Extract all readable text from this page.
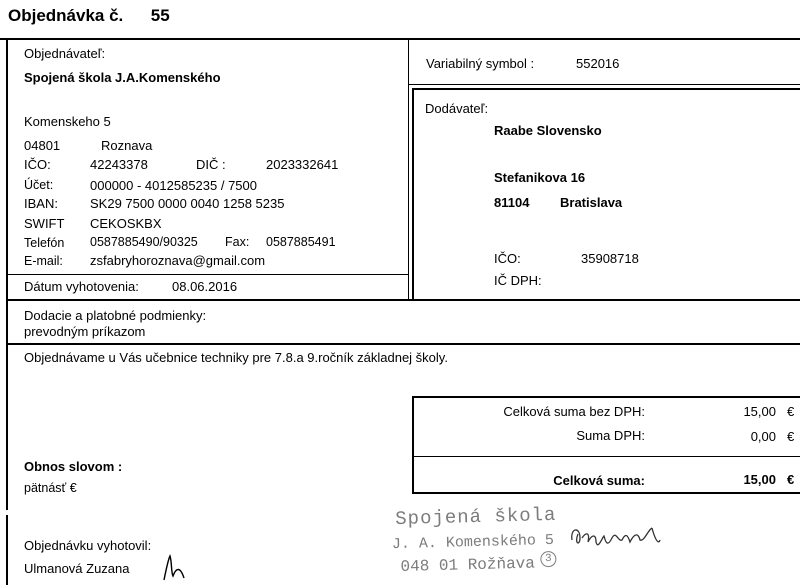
Objednávka č. 55
Objednávateľ:
Spojená škola J.A.Komenského
Komenskeho 5
04801	Roznava
IČO:	42243378	DIČ :	2023332641
Účet:	000000 - 4012585235 / 7500
IBAN: SK29 7500 0000 0040 1258 5235
SWIFT CEKOSKBX
Telefón 0587885490/90325 Fax: 0587885491
E-mail: zsfabryhoroznava@gmail.com
Dátum vyhotovenia:	08.06.2016
Variabilný symbol :	552016
Dodávateľ:
Raabe Slovensko
Stefanikova 16
81104 Bratislava
IČO:	35908718
IČ DPH:
Dodacie a platobné podmienky:
prevodným príkazom
Objednávame u Vás učebnice techniky pre 7.8.a 9.ročník základnej školy.
Celková suma bez DPH:	15,00 €
Suma DPH:	0,00 €
Celková suma:	15,00 €
Obnos slovom :
pätnásť €
Objednávku vyhotovil:
Ulmanová Zuzana
Spojená škola
J. A. Komenského 5
048 01 Rožňava 3
